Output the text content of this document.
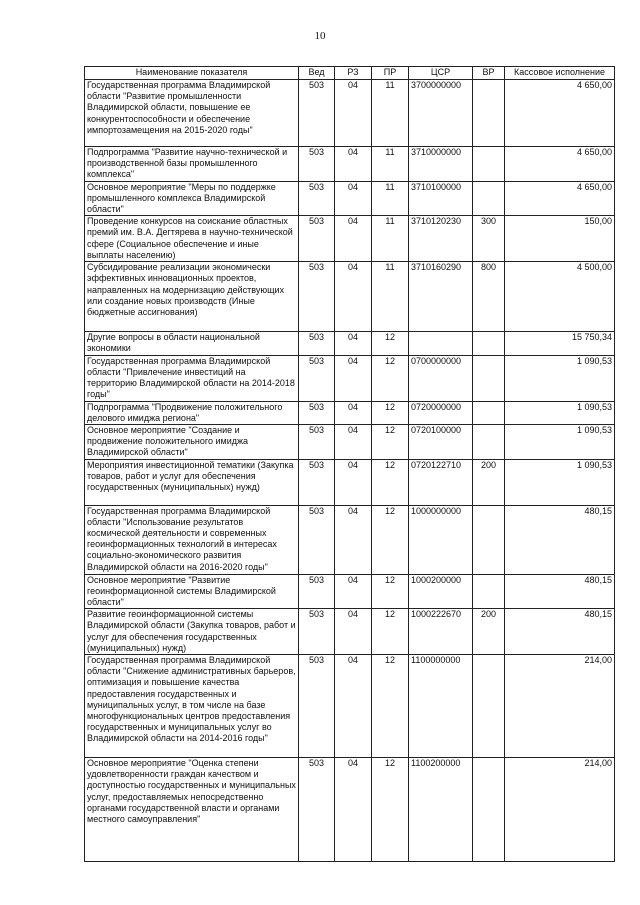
10
Наименование показателя	Вед	РЗ	ПР	ЦСР	ВР	Кассовое исполнение
Государственная программа Владимирской области "Развитие промышленности Владимирской области, повышение ее конкурентоспособности и обеспечение импортозамещения на 2015-2020 годы"	503	04	11	3700000000		4 650,00
Подпрограмма "Развитие научно-технической и производственной базы промышленного комплекса"	503	04	11	3710000000		4 650,00
Основное мероприятие "Меры по поддержке промышленного комплекса Владимирской области"	503	04	11	3710100000		4 650,00
Проведение конкурсов на соискание областных премий им. В.А. Дегтярева в научно-технической сфере (Социальное обеспечение и иные выплаты населению)	503	04	11	3710120230	300	150,00
Субсидирование реализации экономически эффективных инновационных проектов, направленных на модернизацию действующих или создание новых производств (Иные бюджетные ассигнования)	503	04	11	3710160290	800	4 500,00
Другие вопросы в области национальной экономики	503	04	12			15 750,34
Государственная программа Владимирской области "Привлечение инвестиций на территорию Владимирской области на 2014-2018 годы"	503	04	12	0700000000		1 090,53
Подпрограмма "Продвижение положительного делового имиджа региона"	503	04	12	0720000000		1 090,53
Основное мероприятие "Создание и продвижение положительного имиджа Владимирской области"	503	04	12	0720100000		1 090,53
Мероприятия инвестиционной тематики (Закупка товаров, работ и услуг для обеспечения государственных (муниципальных) нужд)	503	04	12	0720122710	200	1 090,53
Государственная программа Владимирской области "Использование результатов космической деятельности и современных геоинформационных технологий в интересах социально-экономического развития Владимирской области на 2016-2020 годы"	503	04	12	1000000000		480,15
Основное мероприятие "Развитие геоинформационной системы Владимирской области"	503	04	12	1000200000		480,15
Развитие геоинформационной системы Владимирской области (Закупка товаров, работ и услуг для обеспечения государственных (муниципальных) нужд)	503	04	12	1000222670	200	480,15
Государственная программа Владимирской области "Снижение административных барьеров, оптимизация и повышение качества предоставления государственных и муниципальных услуг, в том числе на базе многофункциональных центров предоставления государственных и муниципальных услуг во Владимирской области на 2014-2016 годы"	503	04	12	1100000000		214,00
Основное мероприятие "Оценка степени удовлетворенности граждан качеством и доступностью государственных и муниципальных услуг, предоставляемых непосредственно органами государственной власти и органами местного самоуправления"	503	04	12	1100200000		214,00
